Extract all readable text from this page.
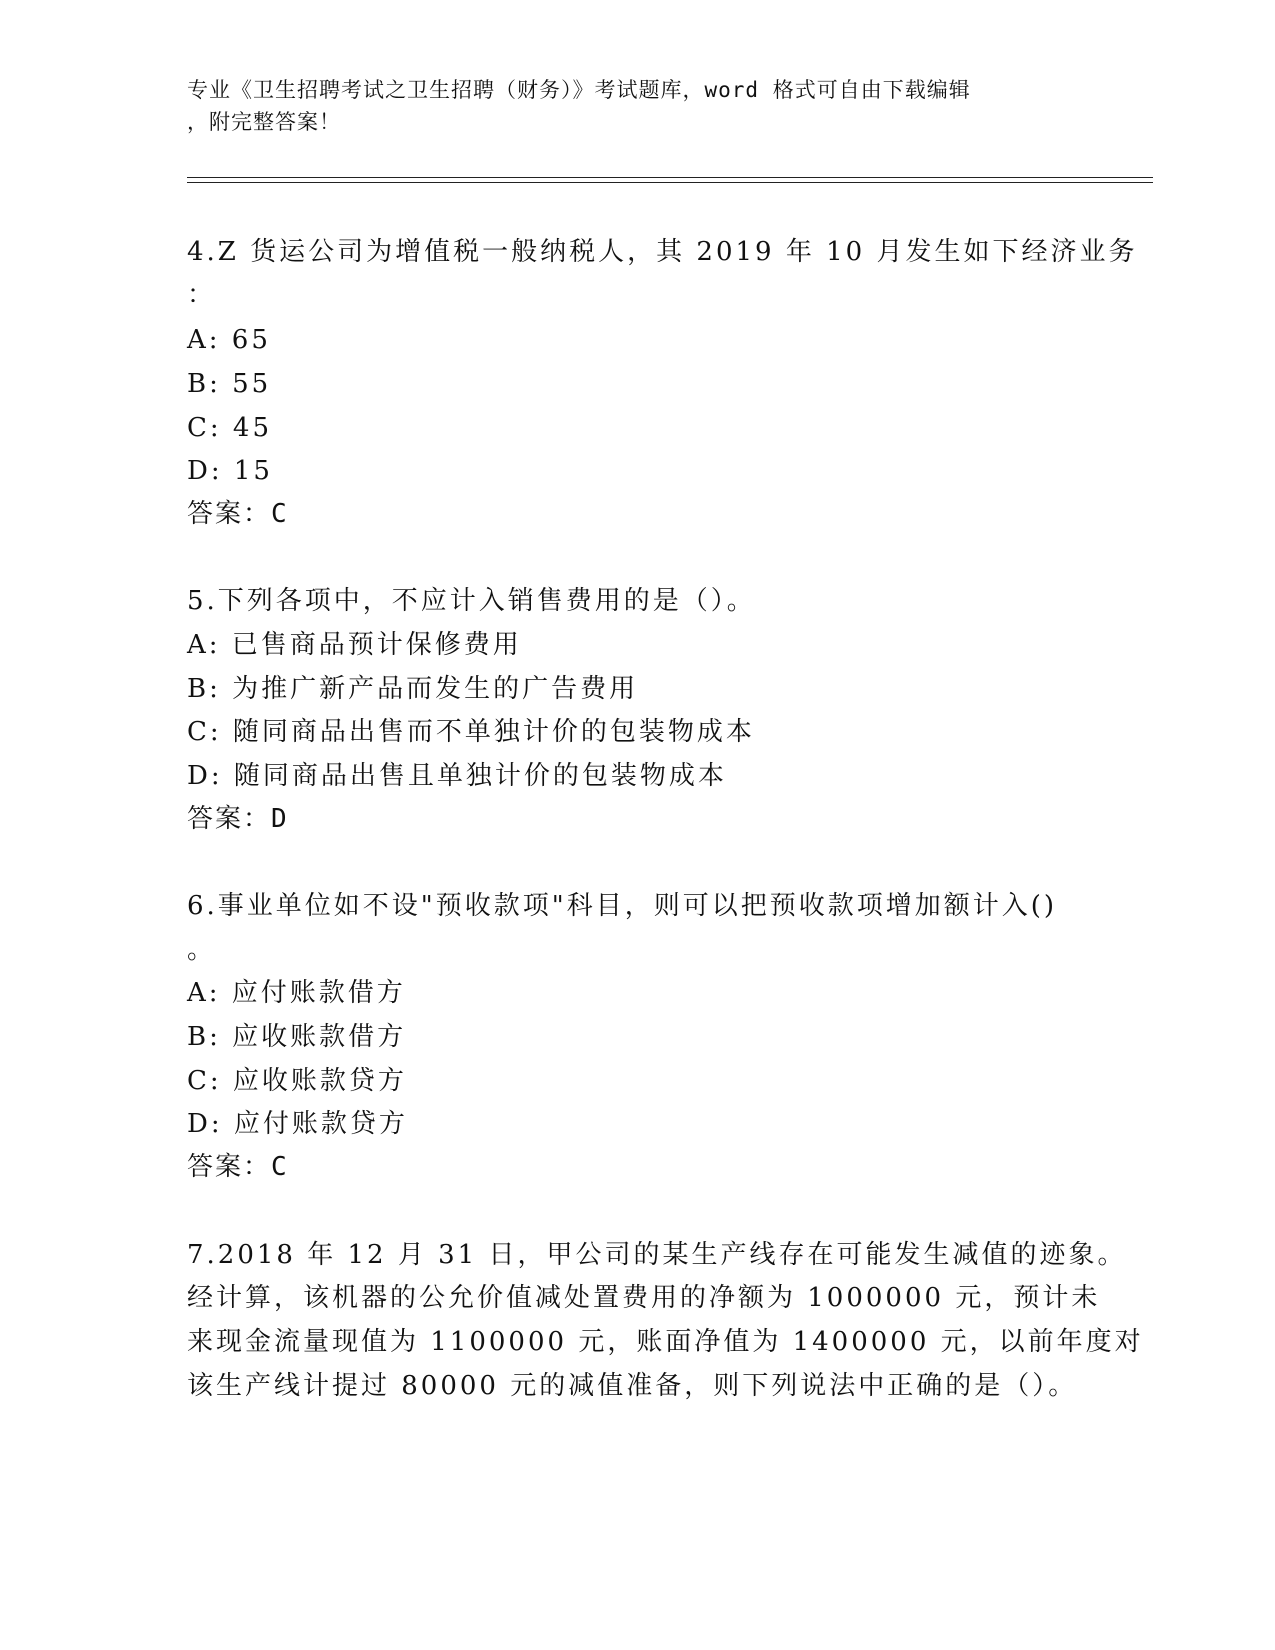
专业《卫生招聘考试之卫生招聘（财务）》考试题库，word 格式可自由下载编辑
，附完整答案！
4.Z 货运公司为增值税一般纳税人，其 2019 年 10 月发生如下经济业务
：
A: 65
B: 55
C: 45
D: 15
答案：C
5.下列各项中，不应计入销售费用的是（）。
A: 已售商品预计保修费用
B: 为推广新产品而发生的广告费用
C: 随同商品出售而不单独计价的包装物成本
D: 随同商品出售且单独计价的包装物成本
答案：D
6.事业单位如不设"预收款项"科目，则可以把预收款项增加额计入()
。
A: 应付账款借方
B: 应收账款借方
C: 应收账款贷方
D: 应付账款贷方
答案：C
7.2018 年 12 月 31 日，甲公司的某生产线存在可能发生减值的迹象。
经计算，该机器的公允价值减处置费用的净额为 1000000 元，预计未
来现金流量现值为 1100000 元，账面净值为 1400000 元，以前年度对
该生产线计提过 80000 元的减值准备，则下列说法中正确的是（）。
